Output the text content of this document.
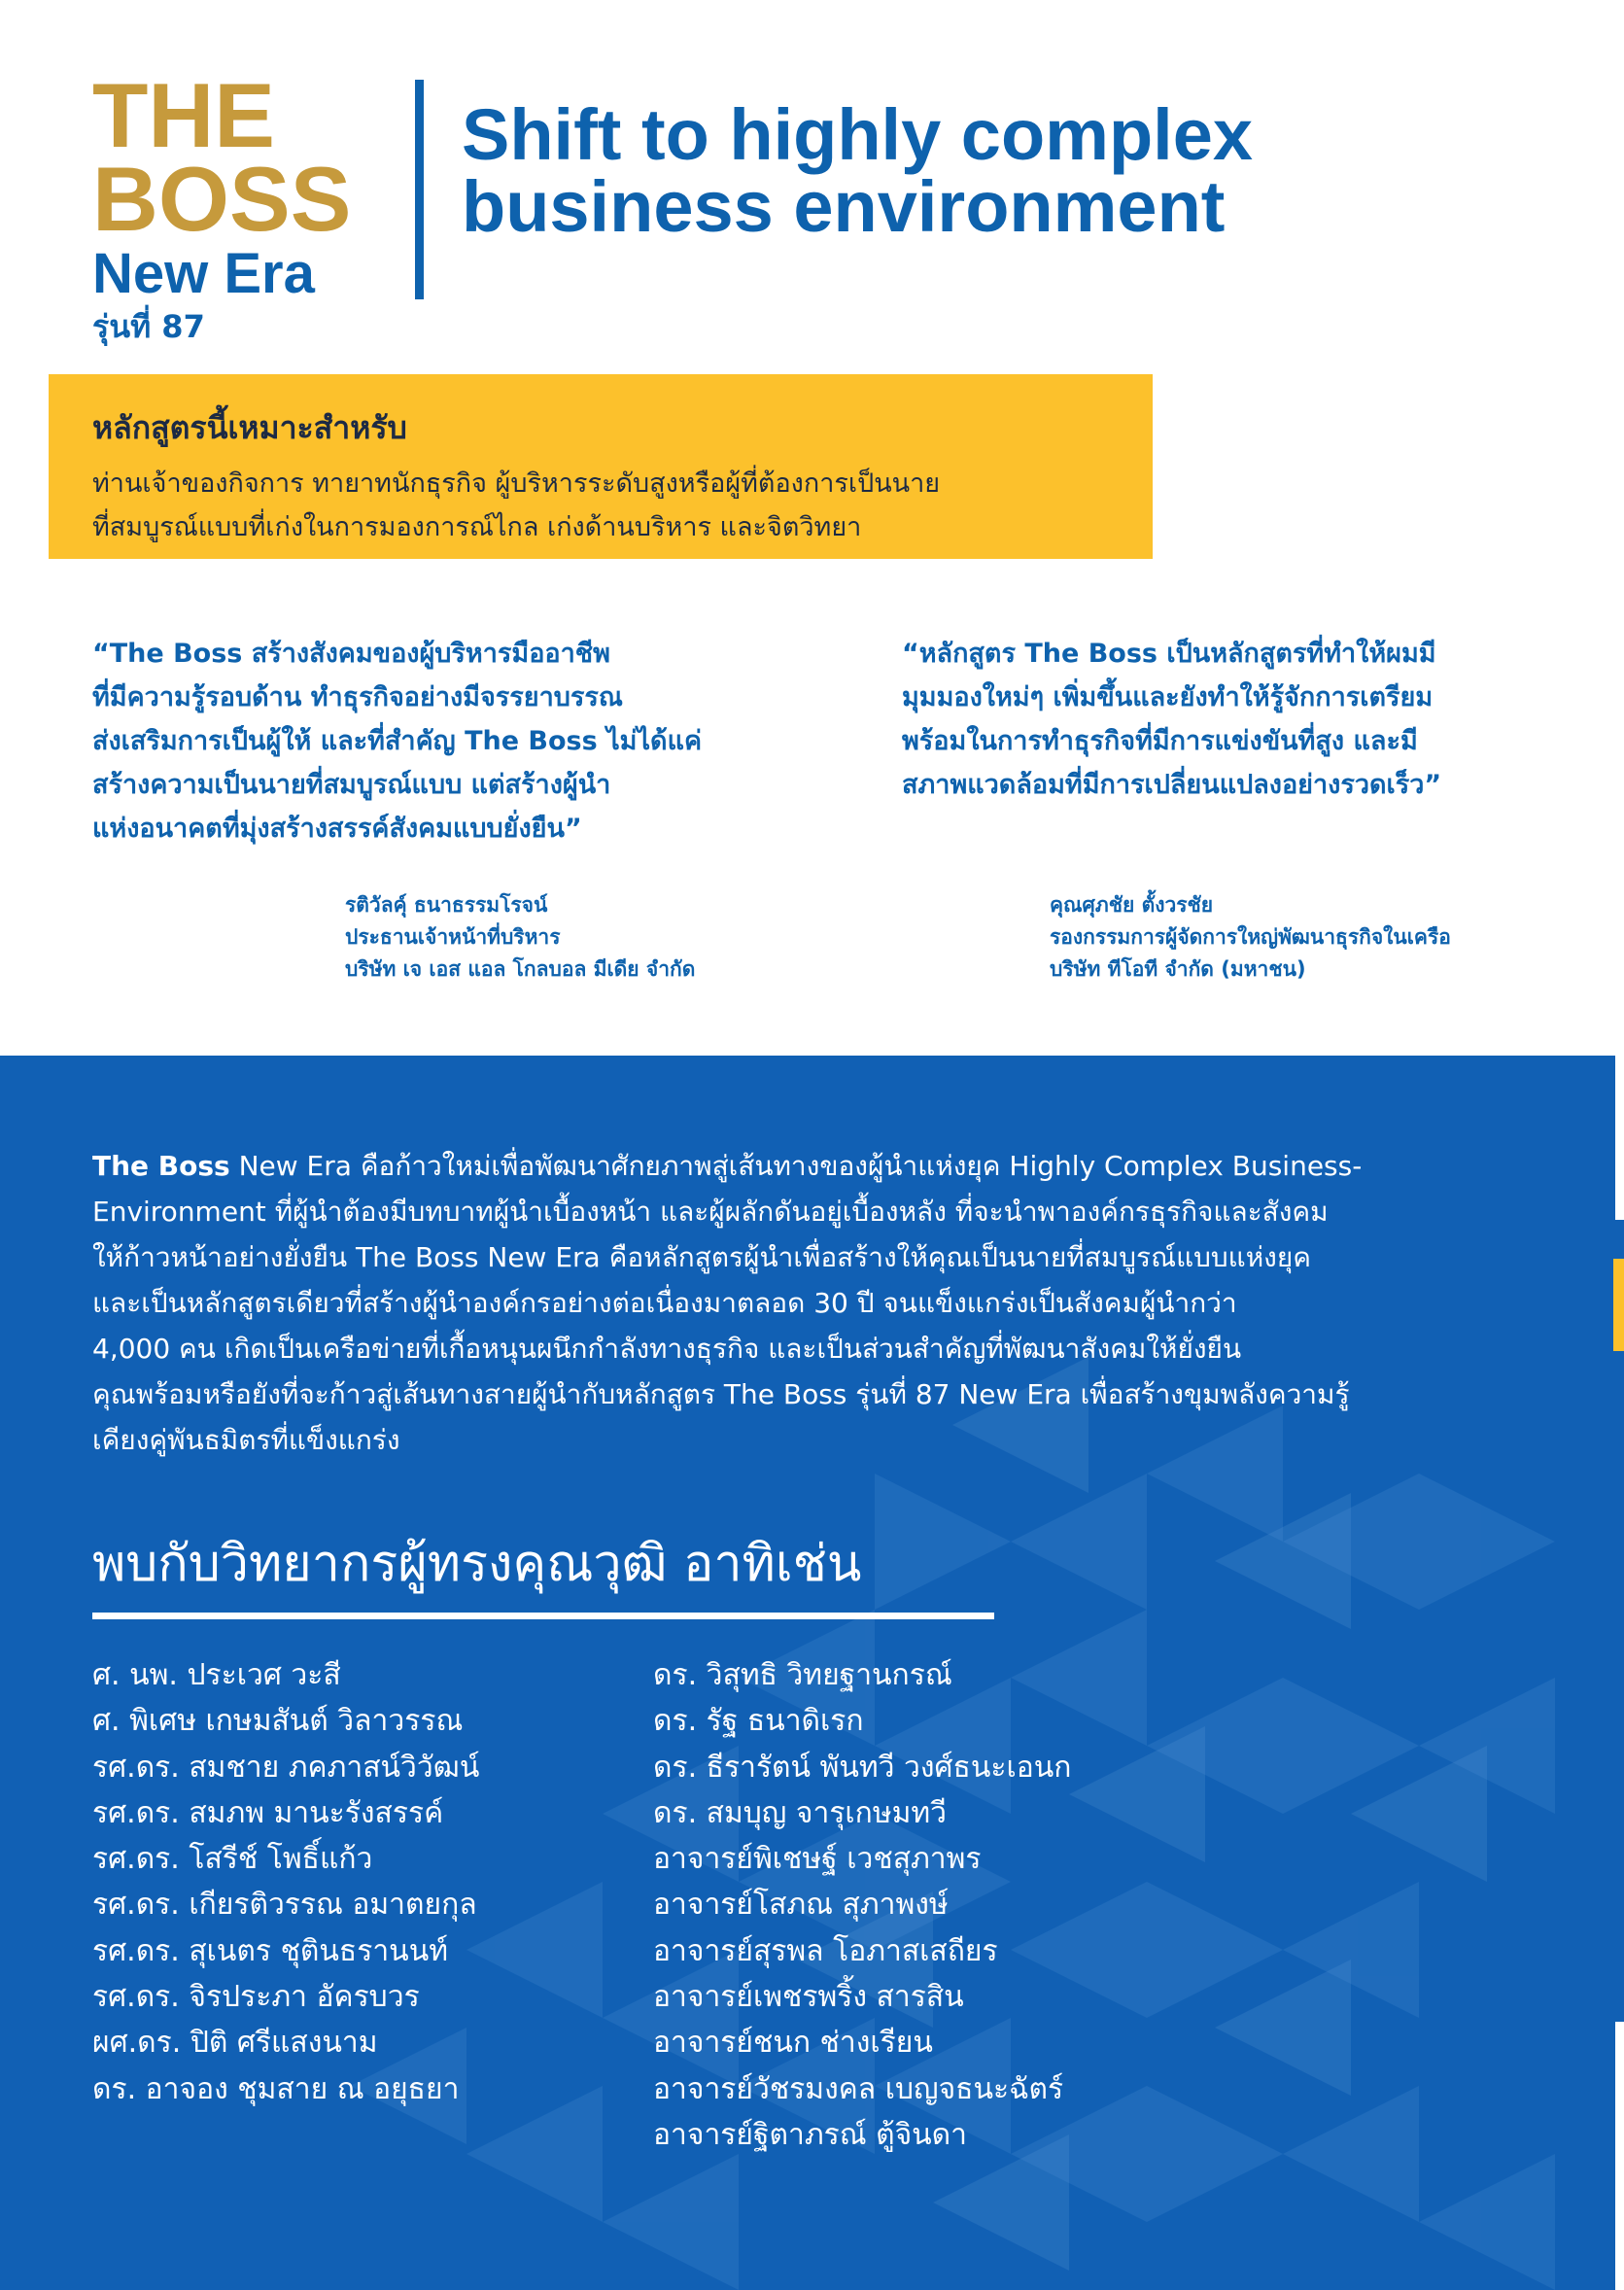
THE
BOSS
New Era
รุ่นที่ 87
Shift to highly complex
business environment
หลักสูตรนี้เหมาะสำหรับ
ท่านเจ้าของกิจการ ทายาทนักธุรกิจ ผู้บริหารระดับสูงหรือผู้ที่ต้องการเป็นนาย
ที่สมบูรณ์แบบที่เก่งในการมองการณ์ไกล เก่งด้านบริหาร และจิตวิทยา
“The Boss สร้างสังคมของผู้บริหารมืออาชีพ
ที่มีความรู้รอบด้าน ทำธุรกิจอย่างมีจรรยาบรรณ
ส่งเสริมการเป็นผู้ให้ และที่สำคัญ The Boss ไม่ได้แค่
สร้างความเป็นนายที่สมบูรณ์แบบ แต่สร้างผู้นำ
แห่งอนาคตที่มุ่งสร้างสรรค์สังคมแบบยั่งยืน”
รติวัลคุ์ ธนาธรรมโรจน์
ประธานเจ้าหน้าที่บริหาร
บริษัท เจ เอส แอล โกลบอล มีเดีย จำกัด
“หลักสูตร The Boss เป็นหลักสูตรที่ทำให้ผมมี
มุมมองใหม่ๆ เพิ่มขึ้นและยังทำให้รู้จักการเตรียม
พร้อมในการทำธุรกิจที่มีการแข่งขันที่สูง และมี
สภาพแวดล้อมที่มีการเปลี่ยนแปลงอย่างรวดเร็ว”
คุณศุภชัย ตั้งวรชัย
รองกรรมการผู้จัดการใหญ่พัฒนาธุรกิจในเครือ
บริษัท ทีโอที จำกัด (มหาชน)
The Boss New Era คือก้าวใหม่เพื่อพัฒนาศักยภาพสู่เส้นทางของผู้นำแห่งยุค Highly Complex Business-
Environment ที่ผู้นำต้องมีบทบาทผู้นำเบื้องหน้า และผู้ผลักดันอยู่เบื้องหลัง ที่จะนำพาองค์กรธุรกิจและสังคม
ให้ก้าวหน้าอย่างยั่งยืน The Boss New Era คือหลักสูตรผู้นำเพื่อสร้างให้คุณเป็นนายที่สมบูรณ์แบบแห่งยุค
และเป็นหลักสูตรเดียวที่สร้างผู้นำองค์กรอย่างต่อเนื่องมาตลอด 30 ปี จนแข็งแกร่งเป็นสังคมผู้นำกว่า
4,000 คน เกิดเป็นเครือข่ายที่เกื้อหนุนผนึกกำลังทางธุรกิจ และเป็นส่วนสำคัญที่พัฒนาสังคมให้ยั่งยืน
คุณพร้อมหรือยังที่จะก้าวสู่เส้นทางสายผู้นำกับหลักสูตร The Boss รุ่นที่ 87 New Era เพื่อสร้างขุมพลังความรู้
เคียงคู่พันธมิตรที่แข็งแกร่ง
พบกับวิทยากรผู้ทรงคุณวุฒิ อาทิเช่น
ศ. นพ. ประเวศ วะสี
ศ. พิเศษ เกษมสันต์ วิลาวรรณ
รศ.ดร. สมชาย ภคภาสน์วิวัฒน์
รศ.ดร. สมภพ มานะรังสรรค์
รศ.ดร. โสรีช์ โพธิ์แก้ว
รศ.ดร. เกียรติวรรณ อมาตยกุล
รศ.ดร. สุเนตร ชุตินธรานนท์
รศ.ดร. จิรประภา อัครบวร
ผศ.ดร. ปิติ ศรีแสงนาม
ดร. อาจอง ชุมสาย ณ อยุธยา
ดร. วิสุทธิ วิทยฐานกรณ์
ดร. รัฐ ธนาดิเรก
ดร. ธีรารัตน์ พันทวี วงศ์ธนะเอนก
ดร. สมบุญ จารุเกษมทวี
อาจารย์พิเชษฐ์ เวชสุภาพร
อาจารย์โสภณ สุภาพงษ์
อาจารย์สุรพล โอภาสเสถียร
อาจารย์เพชรพริ้ง สารสิน
อาจารย์ชนก ช่างเรียน
อาจารย์วัชรมงคล เบญจธนะฉัตร์
อาจารย์ฐิตาภรณ์ ตู้จินดา
